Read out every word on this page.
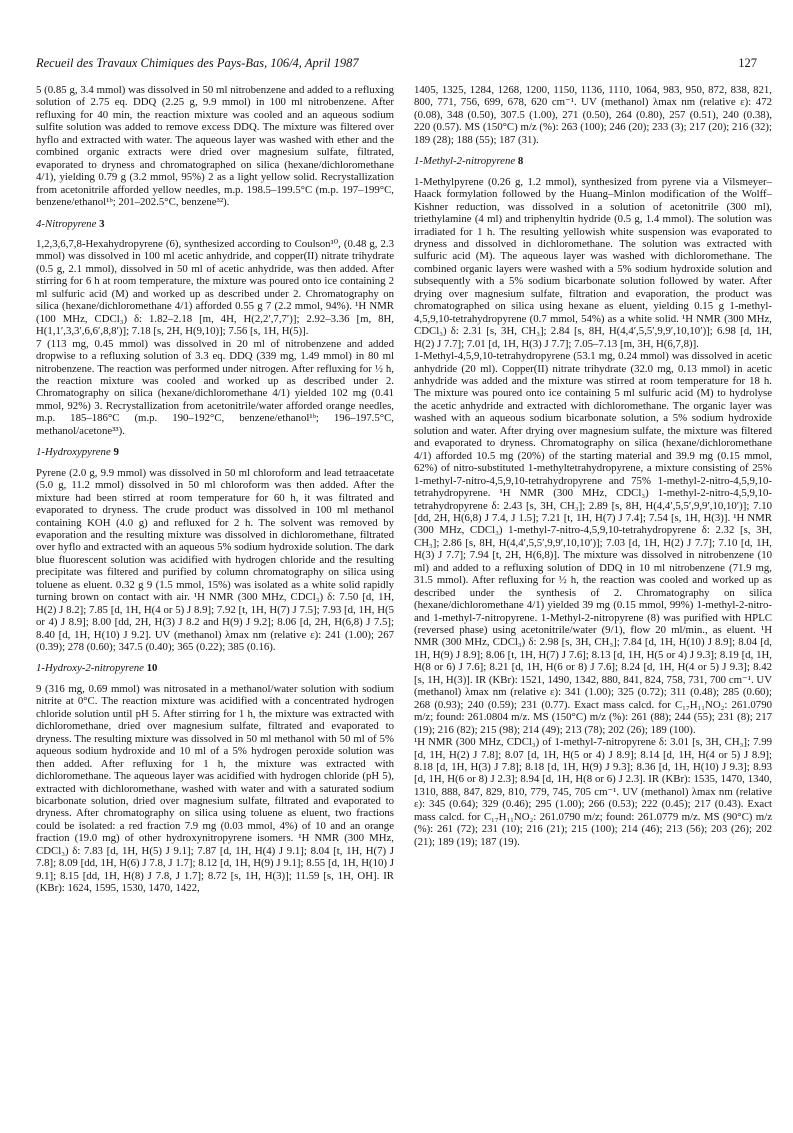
Recueil des Travaux Chimiques des Pays-Bas, 106/4, April 1987	127

5 (0.85 g, 3.4 mmol) was dissolved in 50 ml nitrobenzene and added to a refluxing solution of 2.75 eq. DDQ (2.25 g, 9.9 mmol) in 100 ml nitrobenzene. After refluxing for 40 min, the reaction mixture was cooled and an aqueous sodium sulfite solution was added to remove excess DDQ. The mixture was filtered over hyflo and extracted with water. The aqueous layer was washed with ether and the combined organic extracts were dried over magnesium sulfate, filtrated, evaporated to dryness and chromatographed on silica (hexane/dichloromethane 4/1), yielding 0.79 g (3.2 mmol, 95%) 2 as a light yellow solid. Recrystallization from acetonitrile afforded yellow needles, m.p. 198.5–199.5°C (m.p. 197–199°C, benzene/ethanol¹ᵇ; 201–202.5°C, benzene³²).

4-Nitropyrene 3

1,2,3,6,7,8-Hexahydropyrene (6), synthesized according to Coulson¹⁰, (0.48 g, 2.3 mmol) was dissolved in 100 ml acetic anhydride, and copper(II) nitrate trihydrate (0.5 g, 2.1 mmol), dissolved in 50 ml of acetic anhydride, was then added. After stirring for 6 h at room temperature, the mixture was poured onto ice containing 2 ml sulfuric acid (M) and worked up as described under 2. Chromatography on silica (hexane/dichloromethane 4/1) afforded 0.55 g 7 (2.2 mmol, 94%). ¹H NMR (100 MHz, CDCl₃) δ: 1.82–2.18 [m, 4H, H(2,2′,7,7′)]; 2.92–3.36 [m, 8H, H(1,1′,3,3′,6,6′,8,8′)]; 7.18 [s, 2H, H(9,10)]; 7.56 [s, 1H, H(5)].

7 (113 mg, 0.45 mmol) was dissolved in 20 ml of nitrobenzene and added dropwise to a refluxing solution of 3.3 eq. DDQ (339 mg, 1.49 mmol) in 80 ml nitrobenzene. The reaction was performed under nitrogen. After refluxing for ½ h, the reaction mixture was cooled and worked up as described under 2. Chromatography on silica (hexane/dichloromethane 4/1) yielded 102 mg (0.41 mmol, 92%) 3. Recrystallization from acetonitrile/water afforded orange needles, m.p. 185–186°C (m.p. 190–192°C, benzene/ethanol¹ᵇ; 196–197.5°C, methanol/acetone³³).

1-Hydroxypyrene 9

Pyrene (2.0 g, 9.9 mmol) was dissolved in 50 ml chloroform and lead tetraacetate (5.0 g, 11.2 mmol) dissolved in 50 ml chloroform was then added. After the mixture had been stirred at room temperature for 60 h, it was filtrated and evaporated to dryness. The crude product was dissolved in 100 ml methanol containing KOH (4.0 g) and refluxed for 2 h. The solvent was removed by evaporation and the resulting mixture was dissolved in dichloromethane, filtrated over hyflo and extracted with an aqueous 5% sodium hydroxide solution. The dark blue fluorescent solution was acidified with hydrogen chloride and the resulting precipitate was filtered and purified by column chromatography on silica using toluene as eluent. 0.32 g 9 (1.5 mmol, 15%) was isolated as a white solid rapidly turning brown on contact with air. ¹H NMR (300 MHz, CDCl₃) δ: 7.50 [d, 1H, H(2) J 8.2]; 7.85 [d, 1H, H(4 or 5) J 8.9]; 7.92 [t, 1H, H(7) J 7.5]; 7.93 [d, 1H, H(5 or 4) J 8.9]; 8.00 [dd, 2H, H(3) J 8.2 and H(9) J 9.2]; 8.06 [d, 2H, H(6,8) J 7.5]; 8.40 [d, 1H, H(10) J 9.2]. UV (methanol) λmax nm (relative ε): 241 (1.00); 267 (0.39); 278 (0.60); 347.5 (0.40); 365 (0.22); 385 (0.16).

1-Hydroxy-2-nitropyrene 10

9 (316 mg, 0.69 mmol) was nitrosated in a methanol/water solution with sodium nitrite at 0°C. The reaction mixture was acidified with a concentrated hydrogen chloride solution until pH 5. After stirring for 1 h, the mixture was extracted with dichloromethane, dried over magnesium sulfate, filtrated and evaporated to dryness. The resulting mixture was dissolved in 50 ml methanol with 50 ml of 5% aqueous sodium hydroxide and 10 ml of a 5% hydrogen peroxide solution was then added. After refluxing for 1 h, the mixture was extracted with dichloromethane. The aqueous layer was acidified with hydrogen chloride (pH 5), extracted with dichloromethane, washed with water and with a saturated sodium bicarbonate solution, dried over magnesium sulfate, filtrated and evaporated to dryness. After chromatography on silica using toluene as eluent, two fractions could be isolated: a red fraction 7.9 mg (0.03 mmol, 4%) of 10 and an orange fraction (19.0 mg) of other hydroxynitropyrene isomers. ¹H NMR (300 MHz, CDCl₃) δ: 7.83 [d, 1H, H(5) J 9.1]; 7.87 [d, 1H, H(4) J 9.1]; 8.04 [t, 1H, H(7) J 7.8]; 8.09 [dd, 1H, H(6) J 7.8, J 1.7]; 8.12 [d, 1H, H(9) J 9.1]; 8.55 [d, 1H, H(10) J 9.1]; 8.15 [dd, 1H, H(8) J 7.8, J 1.7]; 8.72 [s, 1H, H(3)]; 11.59 [s, 1H, OH]. IR (KBr): 1624, 1595, 1530, 1470, 1422,

1405, 1325, 1284, 1268, 1200, 1150, 1136, 1110, 1064, 983, 950, 872, 838, 821, 800, 771, 756, 699, 678, 620 cm⁻¹. UV (methanol) λmax nm (relative ε): 472 (0.08), 348 (0.50), 307.5 (1.00), 271 (0.50), 264 (0.80), 257 (0.51), 240 (0.38), 220 (0.57). MS (150°C) m/z (%): 263 (100); 246 (20); 233 (3); 217 (20); 216 (32); 189 (28); 188 (55); 187 (31).

1-Methyl-2-nitropyrene 8

1-Methylpyrene (0.26 g, 1.2 mmol), synthesized from pyrene via a Vilsmeyer–Haack formylation followed by the Huang–Minlon modification of the Wolff–Kishner reduction, was dissolved in a solution of acetonitrile (300 ml), triethylamine (4 ml) and triphenyltin hydride (0.5 g, 1.4 mmol). The solution was irradiated for 1 h. The resulting yellowish white suspension was evaporated to dryness and dissolved in dichloromethane. The solution was extracted with sulfuric acid (M). The aqueous layer was washed with dichloromethane. The combined organic layers were washed with a 5% sodium hydroxide solution and subsequently with a 5% sodium bicarbonate solution followed by water. After drying over magnesium sulfate, filtration and evaporation, the product was chromatographed on silica using hexane as eluent, yielding 0.15 g 1-methyl-4,5,9,10-tetrahydropyrene (0.7 mmol, 54%) as a white solid. ¹H NMR (300 MHz, CDCl₃) δ: 2.31 [s, 3H, CH₃]; 2.84 [s, 8H, H(4,4′,5,5′,9,9′,10,10′)]; 6.98 [d, 1H, H(2) J 7.7]; 7.01 [d, 1H, H(3) J 7.7]; 7.05–7.13 [m, 3H, H(6,7,8)].

1-Methyl-4,5,9,10-tetrahydropyrene (53.1 mg, 0.24 mmol) was dissolved in acetic anhydride (20 ml). Copper(II) nitrate trihydrate (32.0 mg, 0.13 mmol) in acetic anhydride was added and the mixture was stirred at room temperature for 18 h. The mixture was poured onto ice containing 5 ml sulfuric acid (M) to hydrolyse the acetic anhydride and extracted with dichloromethane. The organic layer was washed with an aqueous sodium bicarbonate solution, a 5% sodium hydroxide solution and water. After drying over magnesium sulfate, the mixture was filtered and evaporated to dryness. Chromatography on silica (hexane/dichloromethane 4/1) afforded 10.5 mg (20%) of the starting material and 39.9 mg (0.15 mmol, 62%) of nitro-substituted 1-methyltetrahydropyrene, a mixture consisting of 25% 1-methyl-7-nitro-4,5,9,10-tetrahydropyrene and 75% 1-methyl-2-nitro-4,5,9,10-tetrahydropyrene. ¹H NMR (300 MHz, CDCl₃) 1-methyl-2-nitro-4,5,9,10-tetrahydropyrene δ: 2.43 [s, 3H, CH₃]; 2.89 [s, 8H, H(4,4′,5,5′,9,9′,10,10′)]; 7.10 [dd, 2H, H(6,8) J 7.4, J 1.5]; 7.21 [t, 1H, H(7) J 7.4]; 7.54 [s, 1H, H(3)]. ¹H NMR (300 MHz, CDCl₃) 1-methyl-7-nitro-4,5,9,10-tetrahydropyrene δ: 2.32 [s, 3H, CH₃]; 2.86 [s, 8H, H(4,4′,5,5′,9,9′,10,10′)]; 7.03 [d, 1H, H(2) J 7.7]; 7.10 [d, 1H, H(3) J 7.7]; 7.94 [t, 2H, H(6,8)]. The mixture was dissolved in nitrobenzene (10 ml) and added to a refluxing solution of DDQ in 10 ml nitrobenzene (71.9 mg, 31.5 mmol). After refluxing for ½ h, the reaction was cooled and worked up as described under the synthesis of 2. Chromatography on silica (hexane/dichloromethane 4/1) yielded 39 mg (0.15 mmol, 99%) 1-methyl-2-nitro- and 1-methyl-7-nitropyrene. 1-Methyl-2-nitropyrene (8) was purified with HPLC (reversed phase) using acetonitrile/water (9/1), flow 20 ml/min., as eluent. ¹H NMR (300 MHz, CDCl₃) δ: 2.98 [s, 3H, CH₃]; 7.84 [d, 1H, H(10) J 8.9]; 8.04 [d, 1H, H(9) J 8.9]; 8.06 [t, 1H, H(7) J 7.6]; 8.13 [d, 1H, H(5 or 4) J 9.3]; 8.19 [d, 1H, H(8 or 6) J 7.6]; 8.21 [d, 1H, H(6 or 8) J 7.6]; 8.24 [d, 1H, H(4 or 5) J 9.3]; 8.42 [s, 1H, H(3)]. IR (KBr): 1521, 1490, 1342, 880, 841, 824, 758, 731, 700 cm⁻¹. UV (methanol) λmax nm (relative ε): 341 (1.00); 325 (0.72); 311 (0.48); 285 (0.60); 268 (0.93); 240 (0.59); 231 (0.77). Exact mass calcd. for C₁₇H₁₁NO₂: 261.0790 m/z; found: 261.0804 m/z. MS (150°C) m/z (%): 261 (88); 244 (55); 231 (8); 217 (19); 216 (82); 215 (98); 214 (49); 213 (78); 202 (26); 189 (100).

¹H NMR (300 MHz, CDCl₃) of 1-methyl-7-nitropyrene δ: 3.01 [s, 3H, CH₃]; 7.99 [d, 1H, H(2) J 7.8]; 8.07 [d, 1H, H(5 or 4) J 8.9]; 8.14 [d, 1H, H(4 or 5) J 8.9]; 8.18 [d, 1H, H(3) J 7.8]; 8.18 [d, 1H, H(9) J 9.3]; 8.36 [d, 1H, H(10) J 9.3]; 8.93 [d, 1H, H(6 or 8) J 2.3]; 8.94 [d, 1H, H(8 or 6) J 2.3]. IR (KBr): 1535, 1470, 1340, 1310, 888, 847, 829, 810, 779, 745, 705 cm⁻¹. UV (methanol) λmax nm (relative ε): 345 (0.64); 329 (0.46); 295 (1.00); 266 (0.53); 222 (0.45); 217 (0.43). Exact mass calcd. for C₁₇H₁₁NO₂: 261.0790 m/z; found: 261.0779 m/z. MS (90°C) m/z (%): 261 (72); 231 (10); 216 (21); 215 (100); 214 (46); 213 (56); 203 (26); 202 (21); 189 (19); 187 (19).
